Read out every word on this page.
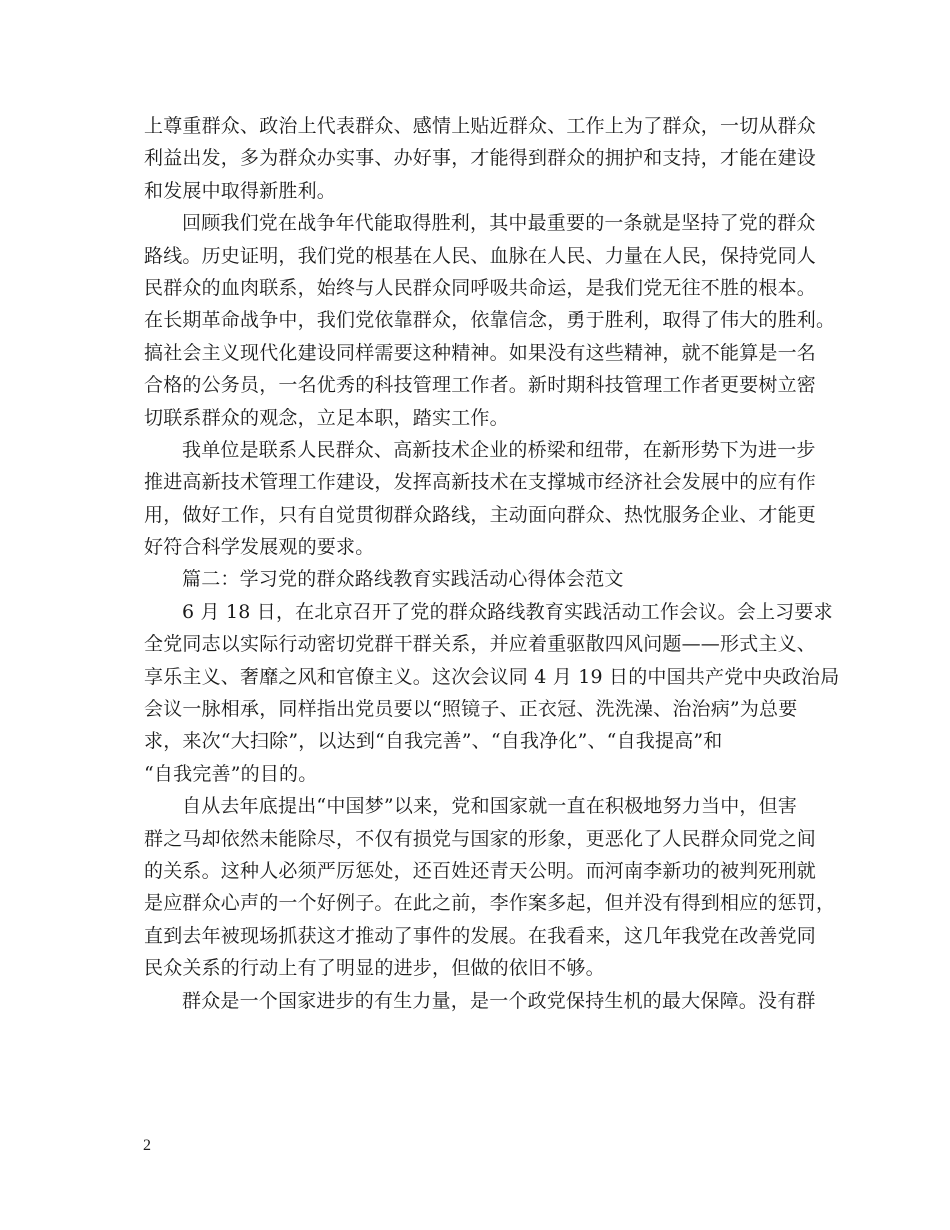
上尊重群众、政治上代表群众、感情上贴近群众、工作上为了群众，一切从群众
利益出发，多为群众办实事、办好事，才能得到群众的拥护和支持，才能在建设
和发展中取得新胜利。
回顾我们党在战争年代能取得胜利，其中最重要的一条就是坚持了党的群众
路线。历史证明，我们党的根基在人民、血脉在人民、力量在人民，保持党同人
民群众的血肉联系，始终与人民群众同呼吸共命运，是我们党无往不胜的根本。
在长期革命战争中，我们党依靠群众，依靠信念，勇于胜利，取得了伟大的胜利。
搞社会主义现代化建设同样需要这种精神。如果没有这些精神，就不能算是一名
合格的公务员，一名优秀的科技管理工作者。新时期科技管理工作者更要树立密
切联系群众的观念，立足本职，踏实工作。
我单位是联系人民群众、高新技术企业的桥梁和纽带，在新形势下为进一步
推进高新技术管理工作建设，发挥高新技术在支撑城市经济社会发展中的应有作
用，做好工作，只有自觉贯彻群众路线，主动面向群众、热忱服务企业、才能更
好符合科学发展观的要求。
篇二：学习党的群众路线教育实践活动心得体会范文
6 月 18 日，在北京召开了党的群众路线教育实践活动工作会议。会上习要求
全党同志以实际行动密切党群干群关系，并应着重驱散四风问题——形式主义、
享乐主义、奢靡之风和官僚主义。这次会议同 4 月 19 日的中国共产党中央政治局
会议一脉相承，同样指出党员要以“照镜子、正衣冠、洗洗澡、治治病”为总要
求，来次“大扫除”，以达到“自我完善”、“自我净化”、“自我提高”和
“自我完善”的目的。
自从去年底提出“中国梦”以来，党和国家就一直在积极地努力当中，但害
群之马却依然未能除尽，不仅有损党与国家的形象，更恶化了人民群众同党之间
的关系。这种人必须严厉惩处，还百姓还青天公明。而河南李新功的被判死刑就
是应群众心声的一个好例子。在此之前，李作案多起，但并没有得到相应的惩罚，
直到去年被现场抓获这才推动了事件的发展。在我看来，这几年我党在改善党同
民众关系的行动上有了明显的进步，但做的依旧不够。
群众是一个国家进步的有生力量，是一个政党保持生机的最大保障。没有群
2
